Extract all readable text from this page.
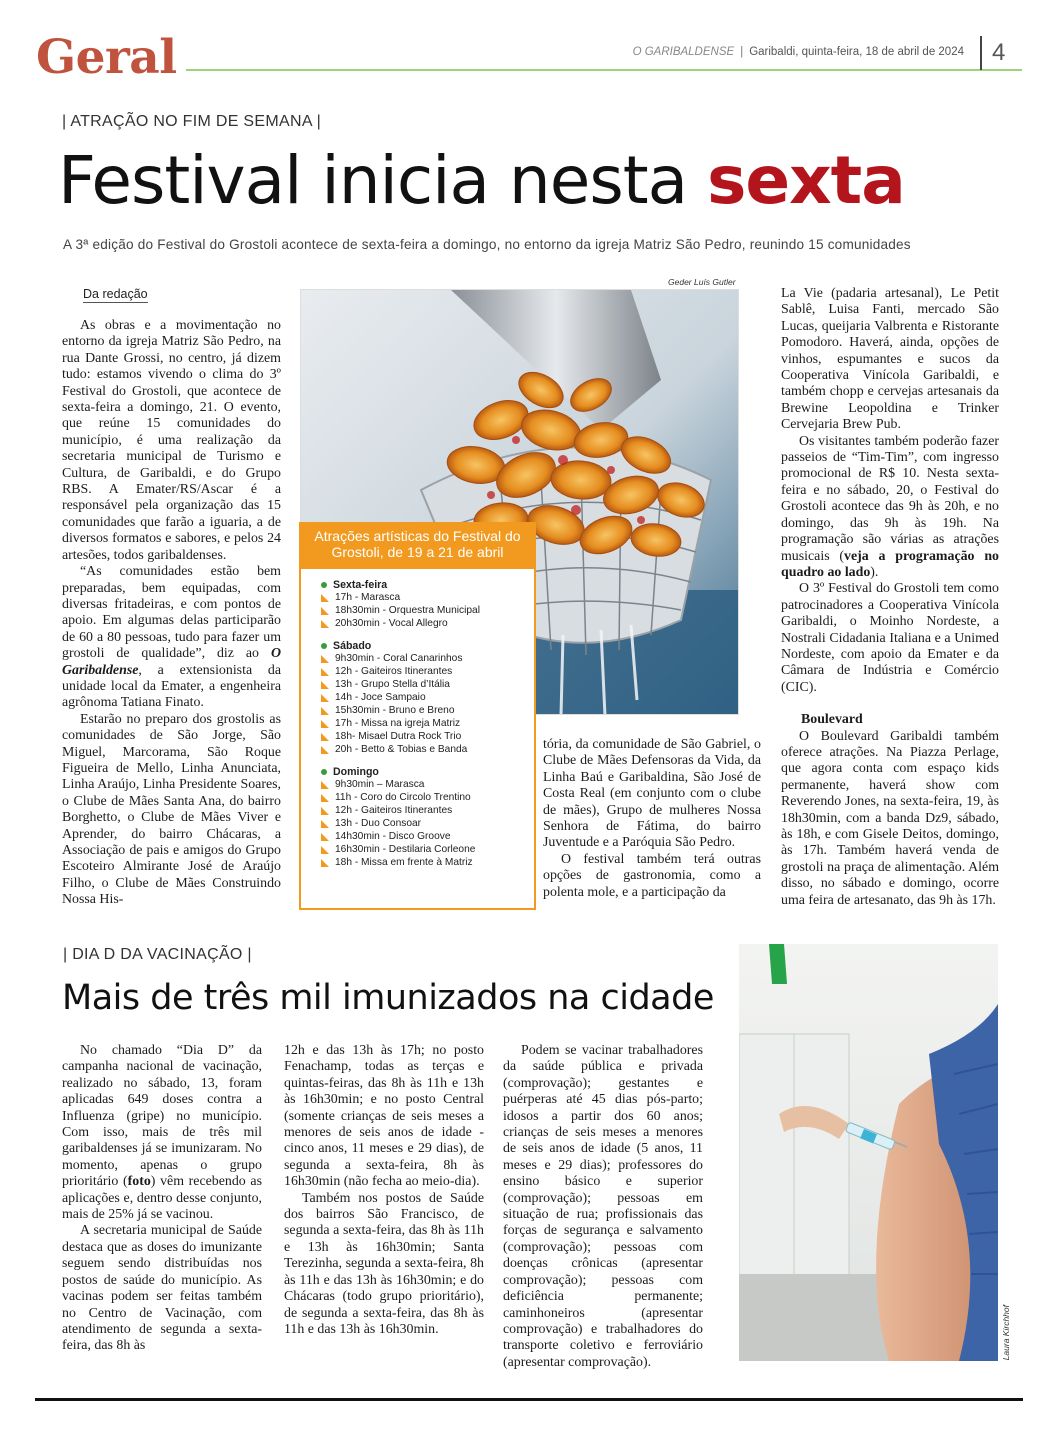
Geral	O GARIBALDENSE | Garibaldi, quinta-feira, 18 de abril de 2024	4
| ATRAÇÃO NO FIM DE SEMANA |
Festival inicia nesta sexta
A 3ª edição do Festival do Grostoli acontece de sexta-feira a domingo, no entorno da igreja Matriz São Pedro, reunindo 15 comunidades
Da redação

As obras e a movimentação no entorno da igreja Matriz São Pedro, na rua Dante Grossi, no centro, já dizem tudo: estamos vivendo o clima do 3º Festival do Grostoli, que acontece de sexta-feira a domingo, 21. O evento, que reúne 15 comunidades do município, é uma realização da secretaria municipal de Turismo e Cultura, de Garibaldi, e do Grupo RBS. A Emater/RS/Ascar é a responsável pela organização das 15 comunidades que farão a iguaria, a de diversos formatos e sabores, e pelos 24 artesões, todos garibaldenses.

“As comunidades estão bem preparadas, bem equipadas, com diversas fritadeiras, e com pontos de apoio. Em algumas delas participarão de 60 a 80 pessoas, tudo para fazer um grostoli de qualidade”, diz ao O Garibaldense, a extensionista da unidade local da Emater, a engenheira agrônoma Tatiana Finato.

Estarão no preparo dos grostolis as comunidades de São Jorge, São Miguel, Marcorama, São Roque Figueira de Mello, Linha Anunciata, Linha Araújo, Linha Presidente Soares, o Clube de Mães Santa Ana, do bairro Borghetto, o Clube de Mães Viver e Aprender, do bairro Chácaras, a Associação de pais e amigos do Grupo Escoteiro Almirante José de Araújo Filho, o Clube de Mães Construindo Nossa His-

Geder Luís Gutler
Atrações artísticas do Festival do Grostoli, de 19 a 21 de abril
Sexta-feira
17h - Marasca
18h30min - Orquestra Municipal
20h30min - Vocal Allegro
Sábado
9h30min - Coral Canarinhos
12h - Gaiteiros Itinerantes
13h - Grupo Stella d’Itália
14h - Joce Sampaio
15h30min - Bruno e Breno
17h - Missa na igreja Matriz
18h- Misael Dutra Rock Trio
20h - Betto & Tobias e Banda
Domingo
9h30min – Marasca
11h - Coro do Circolo Trentino
12h - Gaiteiros Itinerantes
13h - Duo Consoar
14h30min - Disco Groove
16h30min - Destilaria Corleone
18h - Missa em frente à Matriz

tória, da comunidade de São Gabriel, o Clube de Mães Defensoras da Vida, da Linha Baú e Garibaldina, São José de Costa Real (em conjunto com o clube de mães), Grupo de mulheres Nossa Senhora de Fátima, do bairro Juventude e a Paróquia São Pedro.

O festival também terá outras opções de gastronomia, como a polenta mole, e a participação da

La Vie (padaria artesanal), Le Petit Sablê, Luisa Fanti, mercado São Lucas, queijaria Valbrenta e Ristorante Pomodoro. Haverá, ainda, opções de vinhos, espumantes e sucos da Cooperativa Vinícola Garibaldi, e também chopp e cervejas artesanais da Brewine Leopoldina e Trinker Cervejaria Brew Pub.

Os visitantes também poderão fazer passeios de “Tim-Tim”, com ingresso promocional de R$ 10. Nesta sexta-feira e no sábado, 20, o Festival do Grostoli acontece das 9h às 20h, e no domingo, das 9h às 19h. Na programação são várias as atrações musicais (veja a programação no quadro ao lado).

O 3º Festival do Grostoli tem como patrocinadores a Cooperativa Vinícola Garibaldi, o Moinho Nordeste, a Nostrali Cidadania Italiana e a Unimed Nordeste, com apoio da Emater e da Câmara de Indústria e Comércio (CIC).

Boulevard

O Boulevard Garibaldi também oferece atrações. Na Piazza Perlage, que agora conta com espaço kids permanente, haverá show com Reverendo Jones, na sexta-feira, 19, às 18h30min, com a banda Dz9, sábado, às 18h, e com Gisele Deitos, domingo, às 17h. Também haverá venda de grostoli na praça de alimentação. Além disso, no sábado e domingo, ocorre uma feira de artesanato, das 9h às 17h.

| DIA D DA VACINAÇÃO |
Mais de três mil imunizados na cidade

No chamado “Dia D” da campanha nacional de vacinação, realizado no sábado, 13, foram aplicadas 649 doses contra a Influenza (gripe) no município. Com isso, mais de três mil garibaldenses já se imunizaram. No momento, apenas o grupo prioritário (foto) vêm recebendo as aplicações e, dentro desse conjunto, mais de 25% já se vacinou.

A secretaria municipal de Saúde destaca que as doses do imunizante seguem sendo distribuídas nos postos de saúde do município. As vacinas podem ser feitas também no Centro de Vacinação, com atendimento de segunda a sexta-feira, das 8h às

12h e das 13h às 17h; no posto Fenachamp, todas as terças e quintas-feiras, das 8h às 11h e 13h às 16h30min; e no posto Central (somente crianças de seis meses a menores de seis anos de idade - cinco anos, 11 meses e 29 dias), de segunda a sexta-feira, 8h às 16h30min (não fecha ao meio-dia).

Também nos postos de Saúde dos bairros São Francisco, de segunda a sexta-feira, das 8h às 11h e 13h às 16h30min; Santa Terezinha, segunda a sexta-feira, 8h às 11h e das 13h às 16h30min; e do Chácaras (todo grupo prioritário), de segunda a sexta-feira, das 8h às 11h e das 13h às 16h30min.

Podem se vacinar trabalhadores da saúde pública e privada (comprovação); gestantes e puérperas até 45 dias pós-parto; idosos a partir dos 60 anos; crianças de seis meses a menores de seis anos de idade (5 anos, 11 meses e 29 dias); professores do ensino básico e superior (comprovação); pessoas em situação de rua; profissionais das forças de segurança e salvamento (comprovação); pessoas com doenças crônicas (apresentar comprovação); pessoas com deficiência permanente; caminhoneiros (apresentar comprovação) e trabalhadores do transporte coletivo e ferroviário (apresentar comprovação).

Laura Kirchhof
